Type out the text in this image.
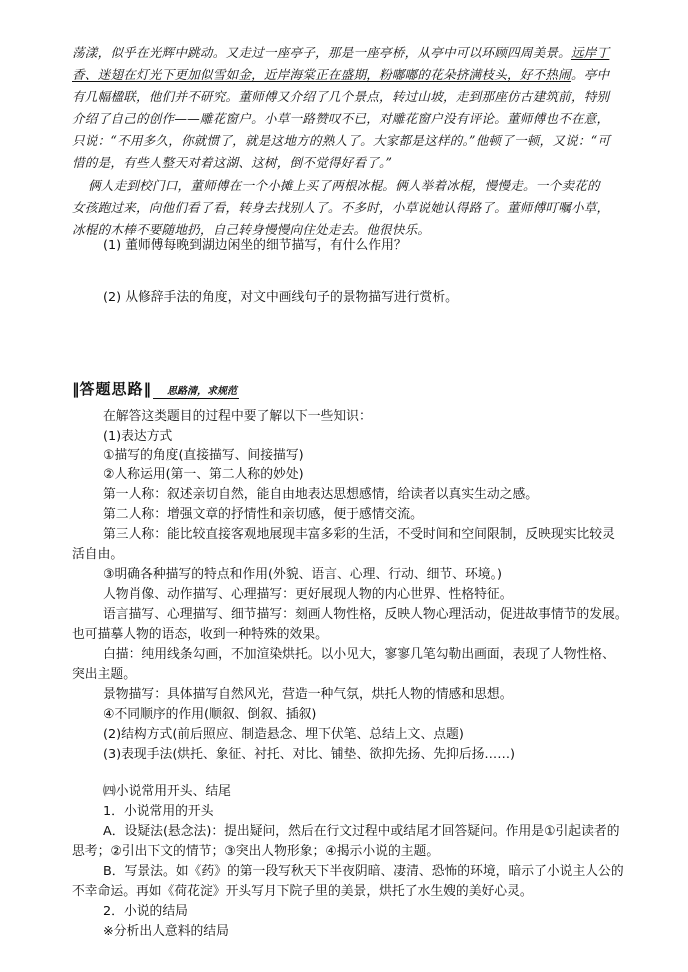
荡漾，似乎在光辉中跳动。又走过一座亭子，那是一座亭桥，从亭中可以环顾四周美景。远岸丁
香、迷翅在灯光下更加似雪如金，近岸海棠正在盛期，粉嘟嘟的花朵挤满枝头，好不热闹。亭中
有几幅楹联，他们并不研究。董师傅又介绍了几个景点，转过山坡，走到那座仿古建筑前，特别
介绍了自己的创作——雕花窗户。小草一路赞叹不已，对雕花窗户没有评论。董师傅也不在意，
只说：“不用多久，你就惯了，就是这地方的熟人了。大家都是这样的。”他顿了一顿，又说：“可
惜的是，有些人整天对着这湖、这树，倒不觉得好看了。”
俩人走到校门口，董师傅在一个小摊上买了两根冰棍。俩人举着冰棍，慢慢走。一个卖花的
女孩跑过来，向他们看了看，转身去找别人了。不多时，小草说她认得路了。董师傅叮嘱小草，
冰棍的木棒不要随地扔，自己转身慢慢向住处走去。他很快乐。
(1) 董师傅每晚到湖边闲坐的细节描写，有什么作用？
(2) 从修辞手法的角度，对文中画线句子的景物描写进行赏析。
‖答题思路‖ 思路清，求规范
在解答这类题目的过程中要了解以下一些知识：
(1)表达方式
①描写的角度(直接描写、间接描写)
②人称运用(第一、第二人称的妙处)
第一人称：叙述亲切自然，能自由地表达思想感情，给读者以真实生动之感。
第二人称：增强文章的抒情性和亲切感，便于感情交流。
第三人称：能比较直接客观地展现丰富多彩的生活，不受时间和空间限制，反映现实比较灵
活自由。
③明确各种描写的特点和作用(外貌、语言、心理、行动、细节、环境。)
人物肖像、动作描写、心理描写：更好展现人物的内心世界、性格特征。
语言描写、心理描写、细节描写：刻画人物性格，反映人物心理活动，促进故事情节的发展。
也可描摹人物的语态，收到一种特殊的效果。
白描：纯用线条勾画，不加渲染烘托。以小见大，寥寥几笔勾勒出画面，表现了人物性格、
突出主题。
景物描写：具体描写自然风光，营造一种气氛，烘托人物的情感和思想。
④不同顺序的作用(顺叙、倒叙、插叙)
(2)结构方式(前后照应、制造悬念、埋下伏笔、总结上文、点题)
(3)表现手法(烘托、象征、衬托、对比、铺垫、欲抑先扬、先抑后扬……)
㈣小说常用开头、结尾
1．小说常用的开头
A．设疑法(悬念法)：提出疑问，然后在行文过程中或结尾才回答疑问。作用是①引起读者的
思考；②引出下文的情节；③突出人物形象；④揭示小说的主题。
B．写景法。如《药》的第一段写秋天下半夜阴暗、凄清、恐怖的环境，暗示了小说主人公的
不幸命运。再如《荷花淀》开头写月下院子里的美景，烘托了水生嫂的美好心灵。
2．小说的结局
※分析出人意料的结局
